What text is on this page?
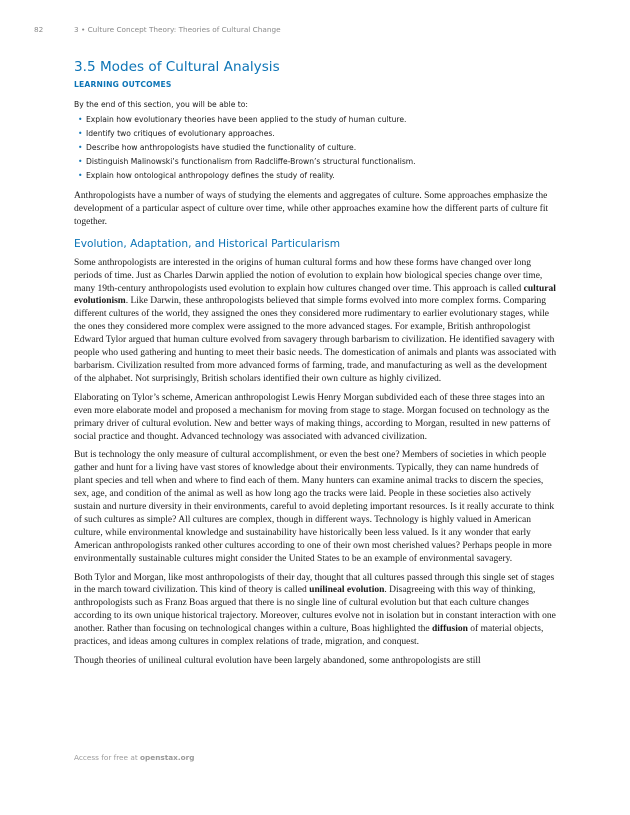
82	3 • Culture Concept Theory: Theories of Cultural Change
3.5 Modes of Cultural Analysis
LEARNING OUTCOMES
By the end of this section, you will be able to:
• Explain how evolutionary theories have been applied to the study of human culture.
• Identify two critiques of evolutionary approaches.
• Describe how anthropologists have studied the functionality of culture.
• Distinguish Malinowski’s functionalism from Radcliffe-Brown’s structural functionalism.
• Explain how ontological anthropology defines the study of reality.

Anthropologists have a number of ways of studying the elements and aggregates of culture. Some approaches emphasize the development of a particular aspect of culture over time, while other approaches examine how the different parts of culture fit together.

Evolution, Adaptation, and Historical Particularism

Some anthropologists are interested in the origins of human cultural forms and how these forms have changed over long periods of time. Just as Charles Darwin applied the notion of evolution to explain how biological species change over time, many 19th-century anthropologists used evolution to explain how cultures changed over time. This approach is called cultural evolutionism. Like Darwin, these anthropologists believed that simple forms evolved into more complex forms. Comparing different cultures of the world, they assigned the ones they considered more rudimentary to earlier evolutionary stages, while the ones they considered more complex were assigned to the more advanced stages. For example, British anthropologist Edward Tylor argued that human culture evolved from savagery through barbarism to civilization. He identified savagery with people who used gathering and hunting to meet their basic needs. The domestication of animals and plants was associated with barbarism. Civilization resulted from more advanced forms of farming, trade, and manufacturing as well as the development of the alphabet. Not surprisingly, British scholars identified their own culture as highly civilized.

Elaborating on Tylor’s scheme, American anthropologist Lewis Henry Morgan subdivided each of these three stages into an even more elaborate model and proposed a mechanism for moving from stage to stage. Morgan focused on technology as the primary driver of cultural evolution. New and better ways of making things, according to Morgan, resulted in new patterns of social practice and thought. Advanced technology was associated with advanced civilization.

But is technology the only measure of cultural accomplishment, or even the best one? Members of societies in which people gather and hunt for a living have vast stores of knowledge about their environments. Typically, they can name hundreds of plant species and tell when and where to find each of them. Many hunters can examine animal tracks to discern the species, sex, age, and condition of the animal as well as how long ago the tracks were laid. People in these societies also actively sustain and nurture diversity in their environments, careful to avoid depleting important resources. Is it really accurate to think of such cultures as simple? All cultures are complex, though in different ways. Technology is highly valued in American culture, while environmental knowledge and sustainability have historically been less valued. Is it any wonder that early American anthropologists ranked other cultures according to one of their own most cherished values? Perhaps people in more environmentally sustainable cultures might consider the United States to be an example of environmental savagery.

Both Tylor and Morgan, like most anthropologists of their day, thought that all cultures passed through this single set of stages in the march toward civilization. This kind of theory is called unilineal evolution. Disagreeing with this way of thinking, anthropologists such as Franz Boas argued that there is no single line of cultural evolution but that each culture changes according to its own unique historical trajectory. Moreover, cultures evolve not in isolation but in constant interaction with one another. Rather than focusing on technological changes within a culture, Boas highlighted the diffusion of material objects, practices, and ideas among cultures in complex relations of trade, migration, and conquest.

Though theories of unilineal cultural evolution have been largely abandoned, some anthropologists are still

Access for free at openstax.org
